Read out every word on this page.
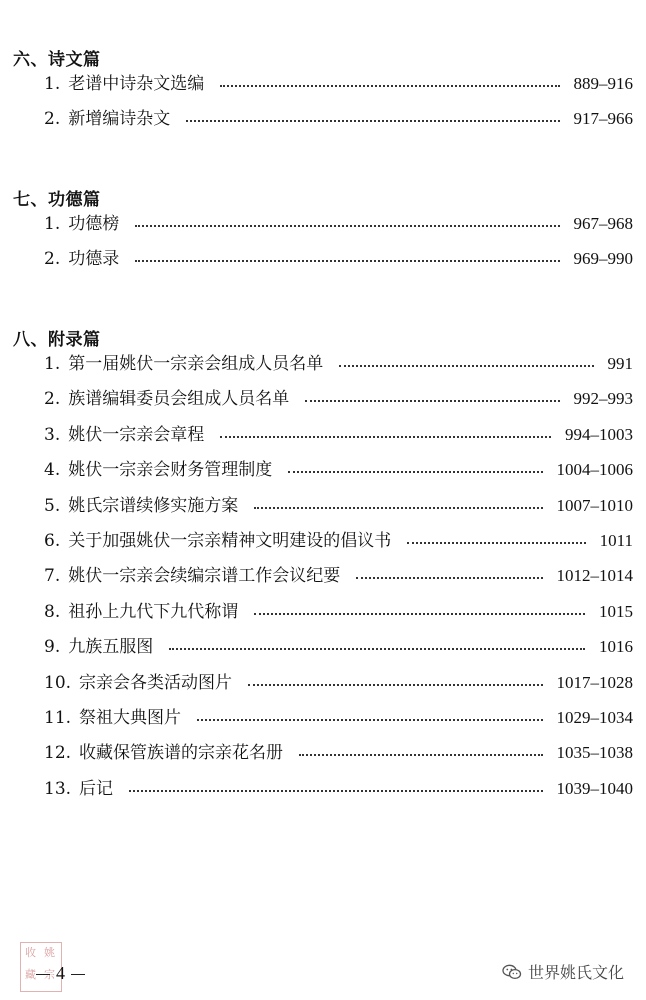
六、诗文篇
1. 老谱中诗杂文选编	889–916
2. 新增编诗杂文	917–966
七、功德篇
1. 功德榜	967–968
2. 功德录	969–990
八、附录篇
1. 第一届姚伏一宗亲会组成人员名单	991
2. 族谱编辑委员会组成人员名单	992–993
3. 姚伏一宗亲会章程	994–1003
4. 姚伏一宗亲会财务管理制度	1004–1006
5. 姚氏宗谱续修实施方案	1007–1010
6. 关于加强姚伏一宗亲精神文明建设的倡议书	1011
7. 姚伏一宗亲会续编宗谱工作会议纪要	1012–1014
8. 祖孙上九代下九代称谓	1015
9. 九族五服图	1016
10. 宗亲会各类活动图片	1017–1028
11. 祭祖大典图片	1029–1034
12. 收藏保管族谱的宗亲花名册	1035–1038
13. 后记	1039–1040
收 姚
藏 宗 4	世界姚氏文化
